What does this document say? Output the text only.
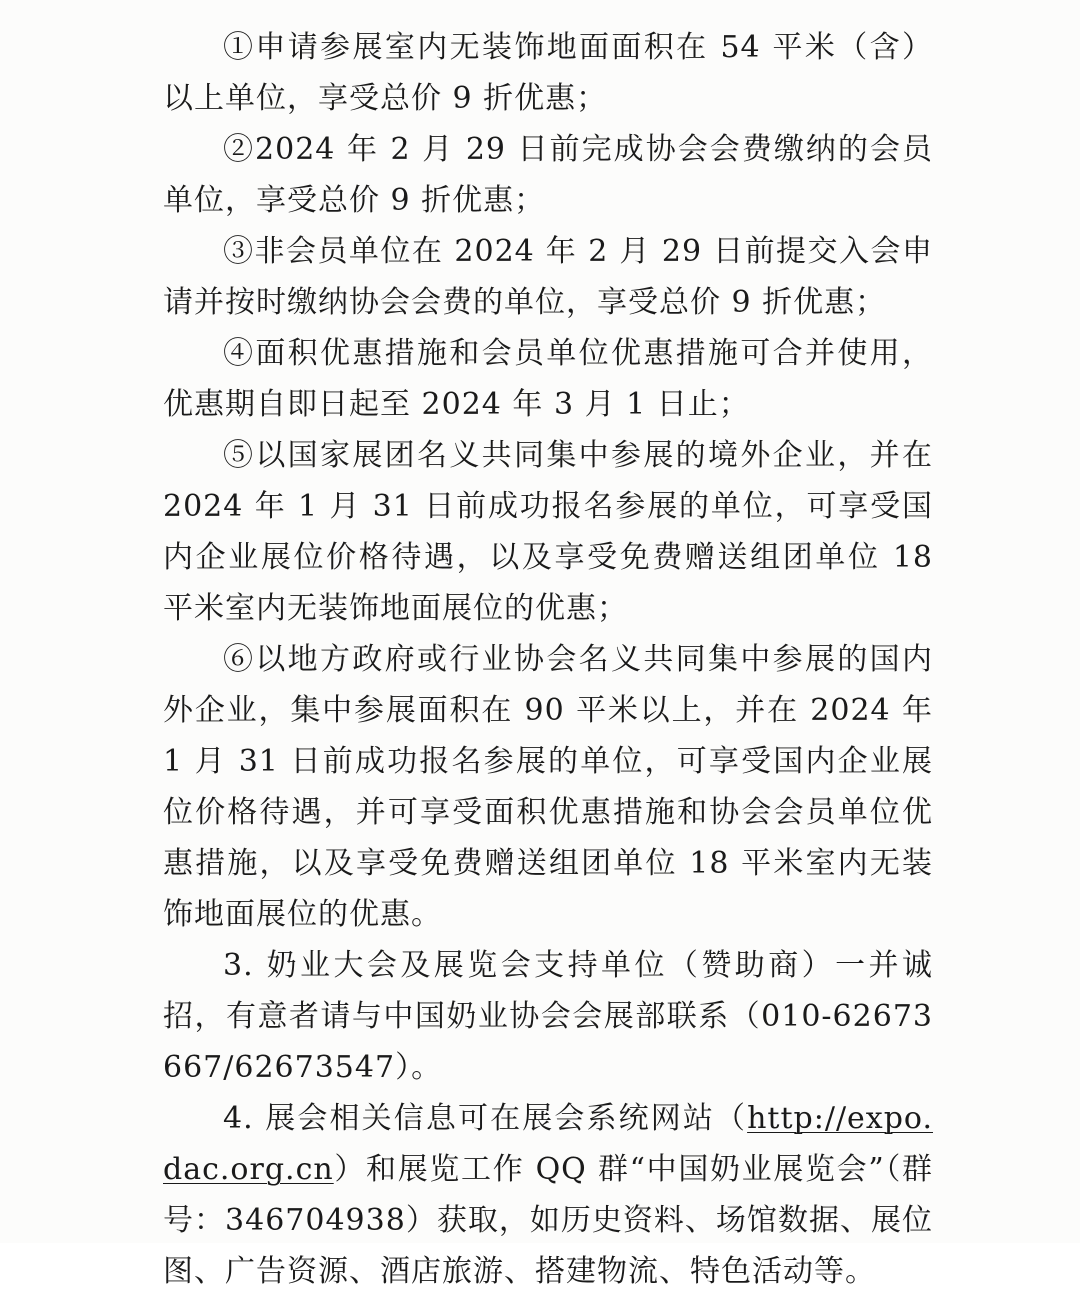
①申请参展室内无装饰地面面积在 54 平米（含）以上单位，享受总价 9 折优惠；

②2024 年 2 月 29 日前完成协会会费缴纳的会员单位，享受总价 9 折优惠；

③非会员单位在 2024 年 2 月 29 日前提交入会申请并按时缴纳协会会费的单位，享受总价 9 折优惠；

④面积优惠措施和会员单位优惠措施可合并使用，优惠期自即日起至 2024 年 3 月 1 日止；

⑤以国家展团名义共同集中参展的境外企业，并在 2024 年 1 月 31 日前成功报名参展的单位，可享受国内企业展位价格待遇，以及享受免费赠送组团单位 18 平米室内无装饰地面展位的优惠；

⑥以地方政府或行业协会名义共同集中参展的国内外企业，集中参展面积在 90 平米以上，并在 2024 年 1 月 31 日前成功报名参展的单位，可享受国内企业展位价格待遇，并可享受面积优惠措施和协会会员单位优惠措施，以及享受免费赠送组团单位 18 平米室内无装饰地面展位的优惠。

3. 奶业大会及展览会支持单位（赞助商）一并诚招，有意者请与中国奶业协会会展部联系（010-62673667/62673547）。

4. 展会相关信息可在展会系统网站（http://expo.dac.org.cn）和展览工作 QQ 群“中国奶业展览会”（群号：346704938）获取，如历史资料、场馆数据、展位图、广告资源、酒店旅游、搭建物流、特色活动等。
